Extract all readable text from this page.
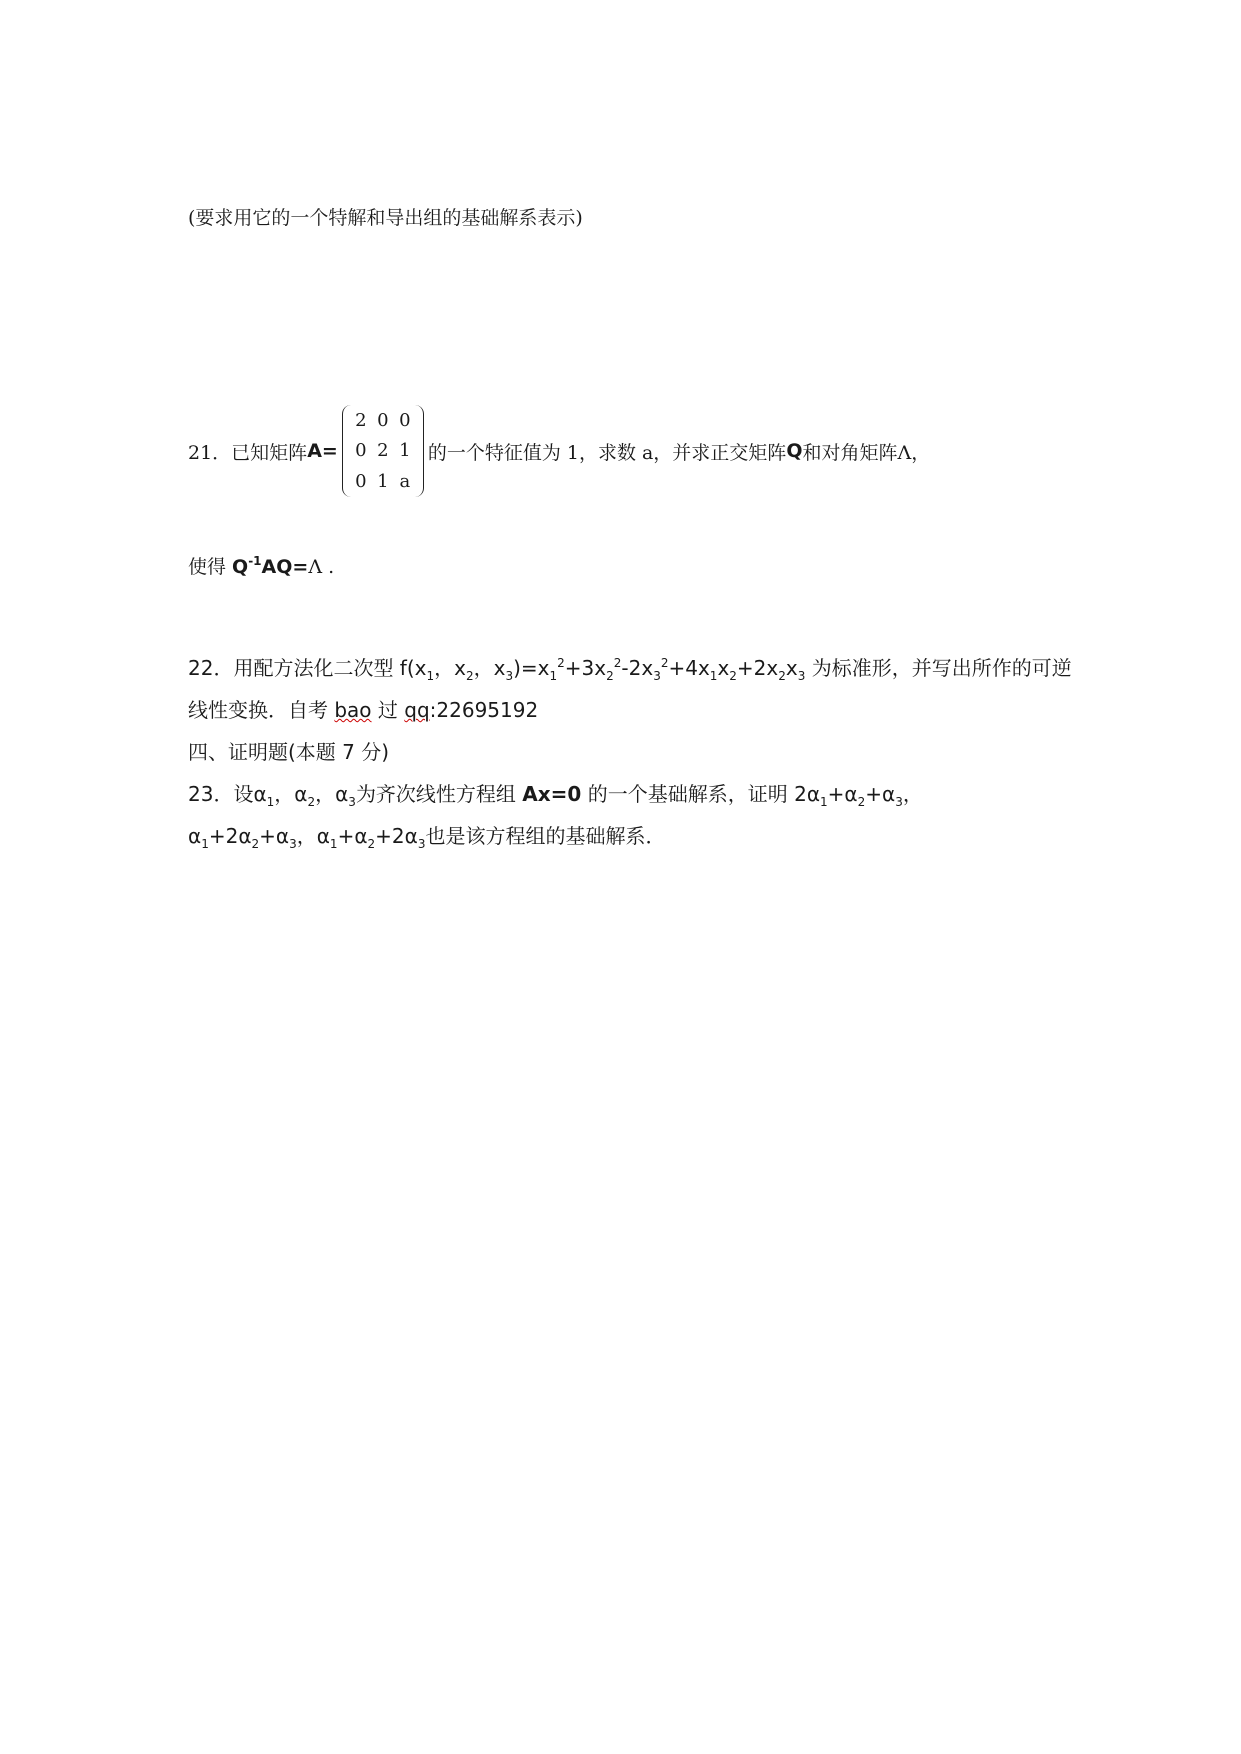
(要求用它的一个特解和导出组的基础解系表示)
21．已知矩阵 A=
2 0 0
0 2 1
0 1 a
的一个特征值为 1，求数 a，并求正交矩阵 Q 和对角矩阵 Λ，
使得 $Q^{-1}AQ=\Lambda$ .
22．用配方法化二次型 $f(x_1$，$x_2$，$x_3)=x_1^2+3x_2^2-2x_3^2+4x_1x_2+2x_2x_3$ 为标准形，并写出所作的可逆
线性变换．自考 bao 过 qq:22695192
四、证明题(本题 7 分)
23．设$\alpha_1$，$\alpha_2$，$\alpha_3$为齐次线性方程组 Ax=0 的一个基础解系，证明 $2\alpha_1+\alpha_2+\alpha_3$，
$\alpha_1+2\alpha_2+\alpha_3$，$\alpha_1+\alpha_2+2\alpha_3$也是该方程组的基础解系．
